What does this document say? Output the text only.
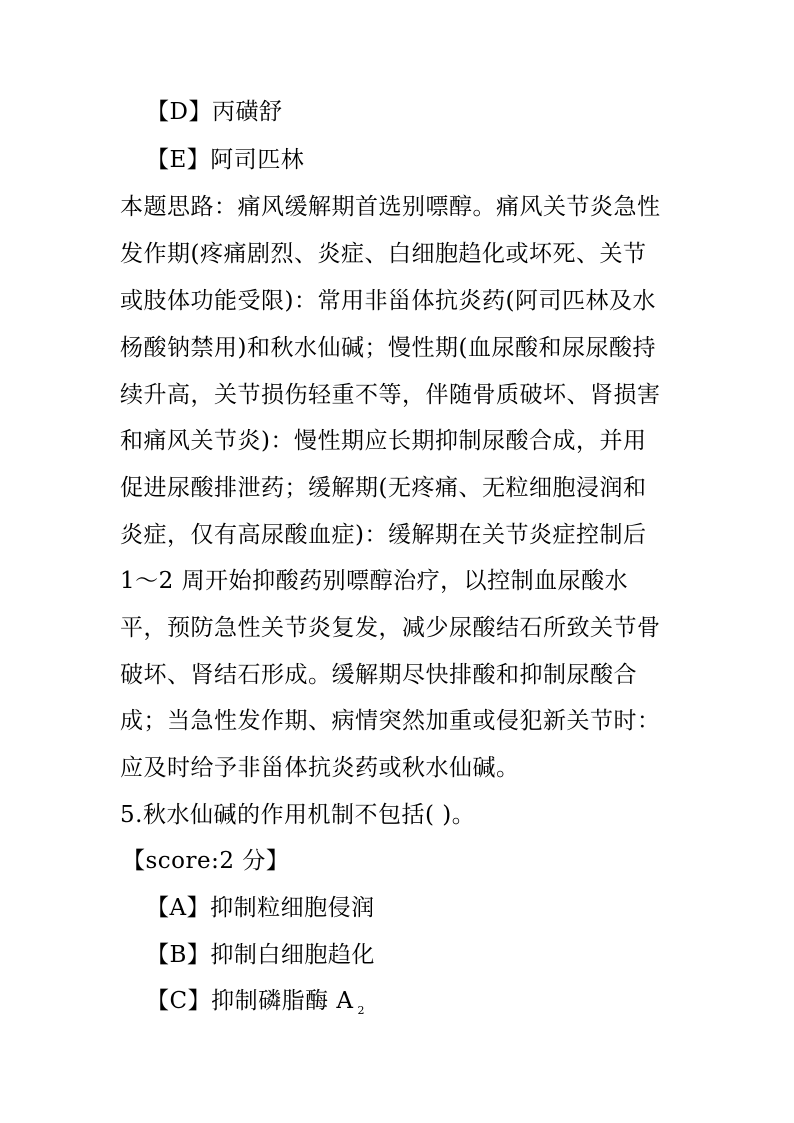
【D】丙磺舒
【E】阿司匹林
本题思路：痛风缓解期首选别嘌醇。痛风关节炎急性
发作期(疼痛剧烈、炎症、白细胞趋化或坏死、关节
或肢体功能受限)：常用非甾体抗炎药(阿司匹林及水
杨酸钠禁用)和秋水仙碱；慢性期(血尿酸和尿尿酸持
续升高，关节损伤轻重不等，伴随骨质破坏、肾损害
和痛风关节炎)：慢性期应长期抑制尿酸合成，并用
促进尿酸排泄药；缓解期(无疼痛、无粒细胞浸润和
炎症，仅有高尿酸血症)：缓解期在关节炎症控制后
1～2 周开始抑酸药别嘌醇治疗，以控制血尿酸水
平，预防急性关节炎复发，减少尿酸结石所致关节骨
破坏、肾结石形成。缓解期尽快排酸和抑制尿酸合
成；当急性发作期、病情突然加重或侵犯新关节时：
应及时给予非甾体抗炎药或秋水仙碱。
5.秋水仙碱的作用机制不包括( )。
【score:2 分】
【A】抑制粒细胞侵润
【B】抑制白细胞趋化
【C】抑制磷脂酶 A $_2$
